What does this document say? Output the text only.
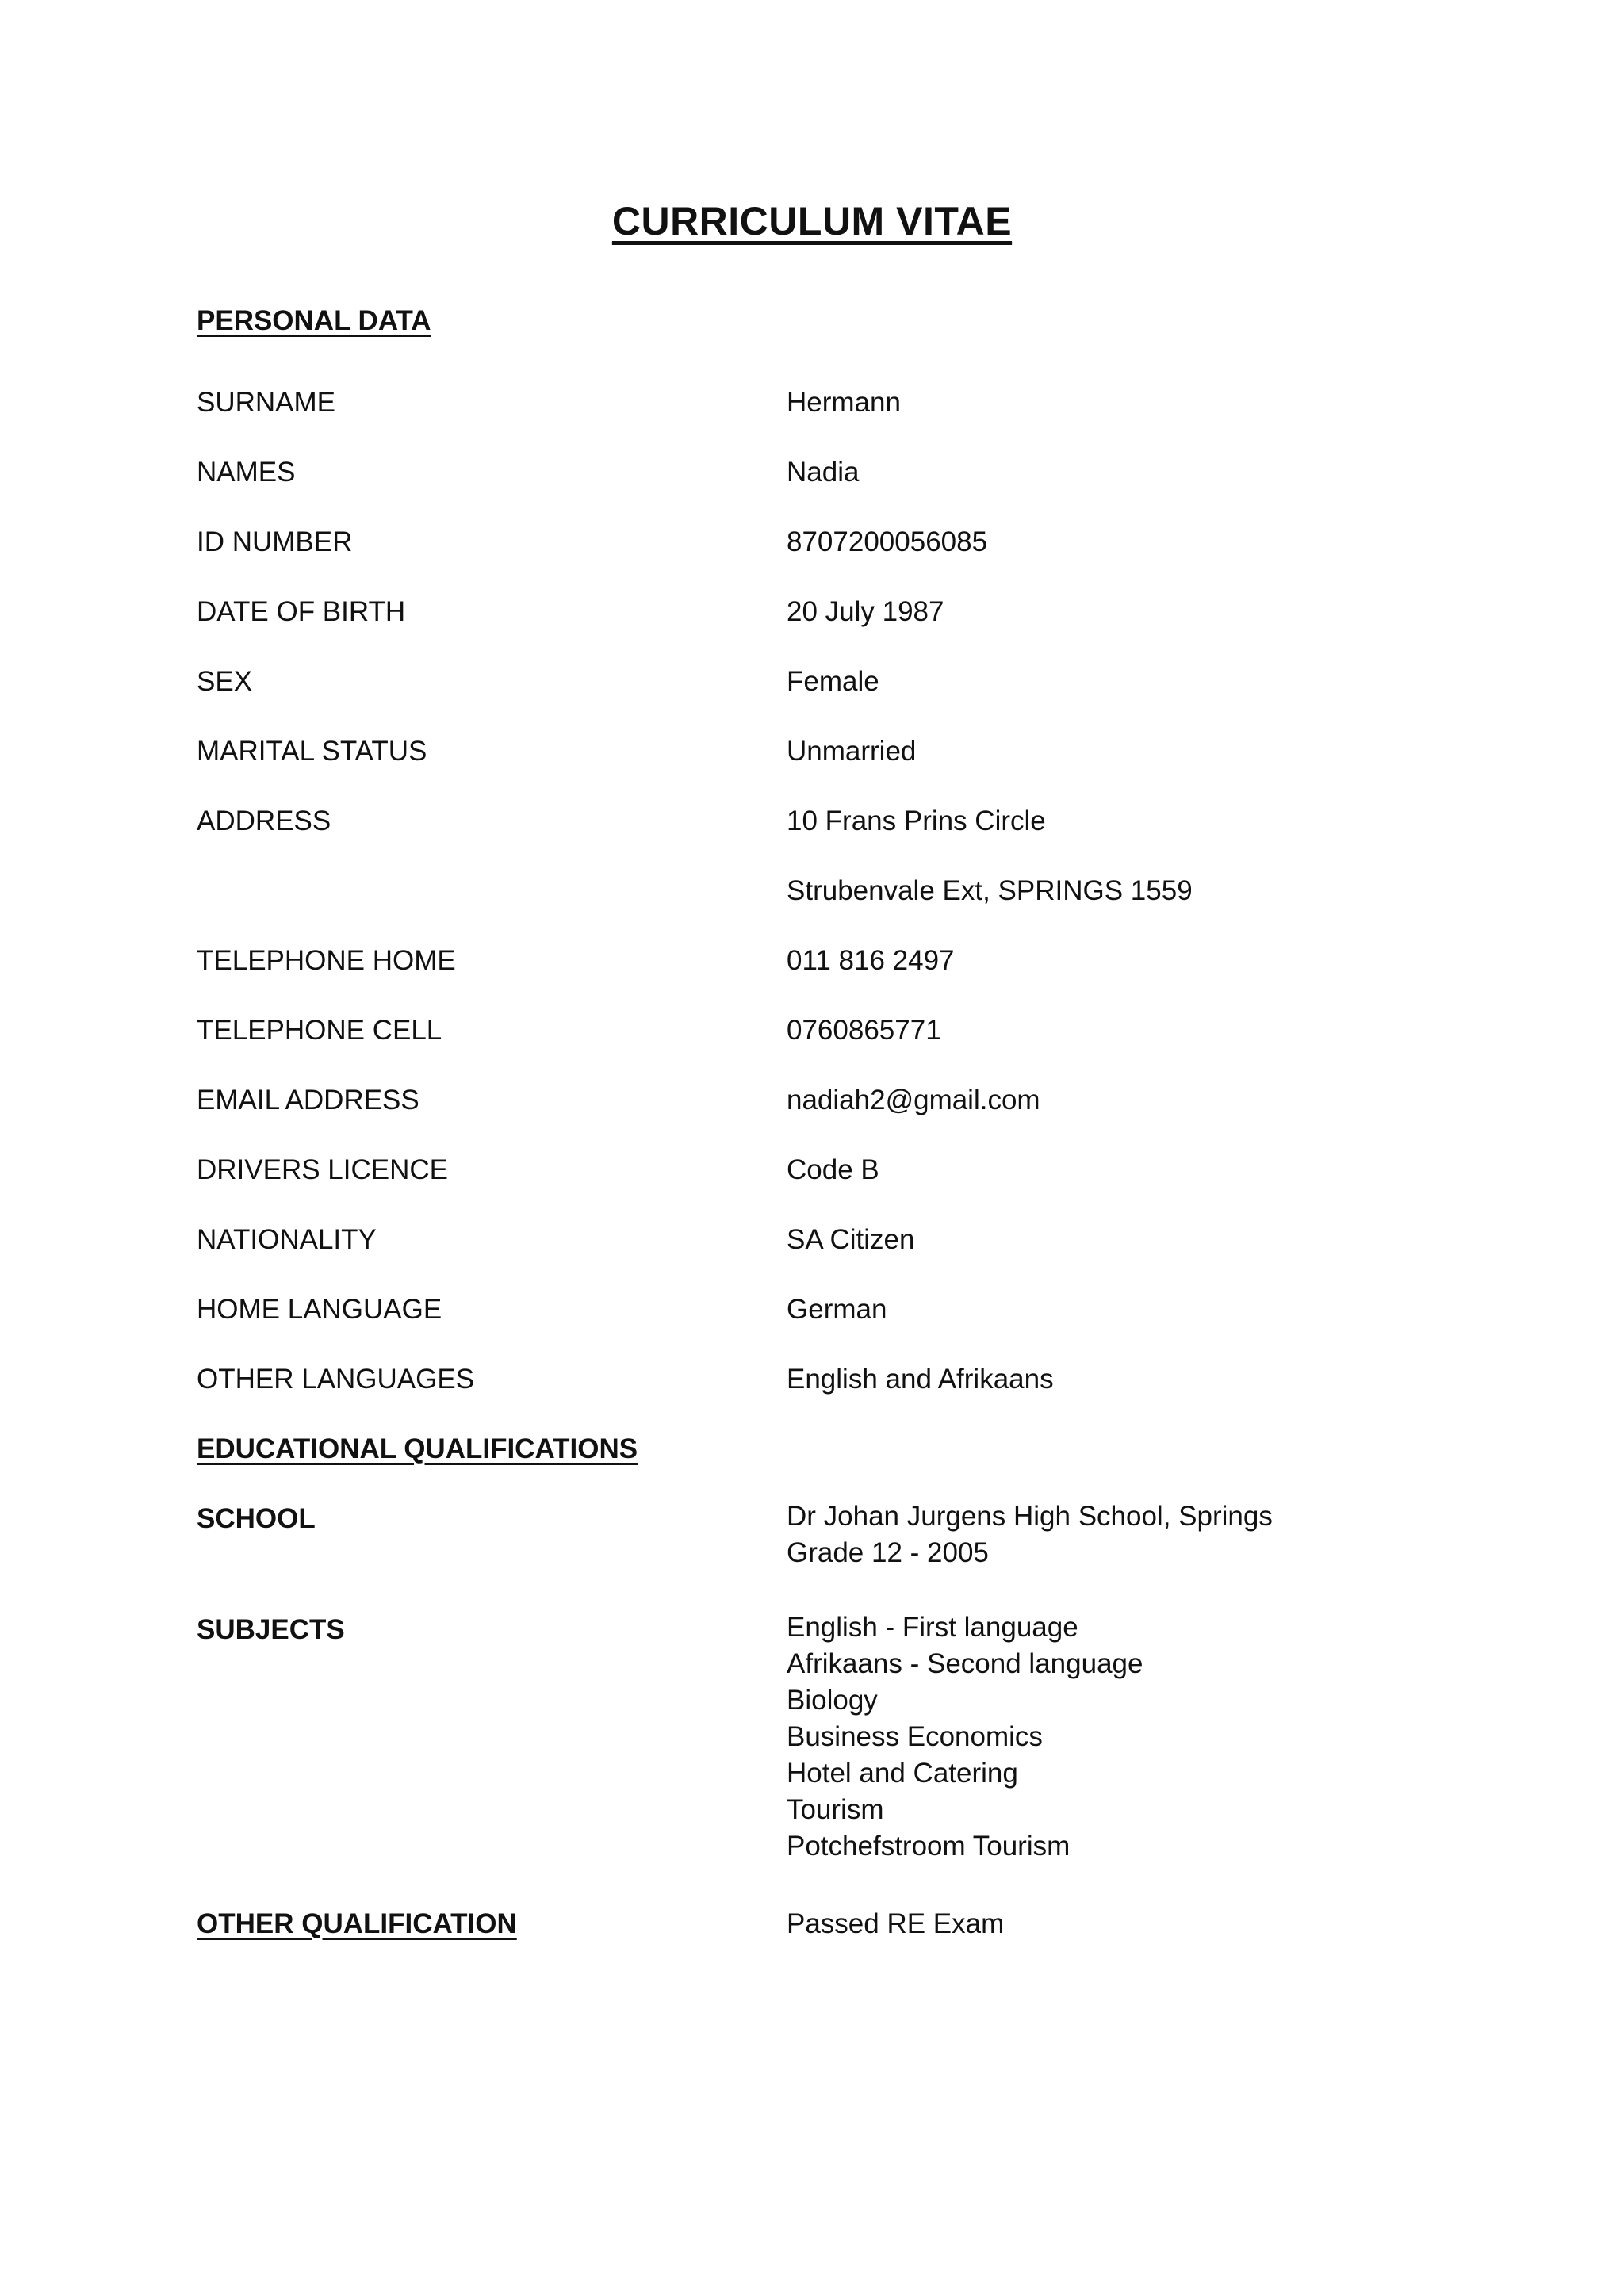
CURRICULUM VITAE
PERSONAL DATA
SURNAME	Hermann
NAMES	Nadia
ID NUMBER	8707200056085
DATE OF BIRTH	20 July 1987
SEX	Female
MARITAL STATUS	Unmarried
ADDRESS	10 Frans Prins Circle
Strubenvale Ext, SPRINGS 1559
TELEPHONE HOME	011 816 2497
TELEPHONE CELL	0760865771
EMAIL ADDRESS	nadiah2@gmail.com
DRIVERS LICENCE	Code B
NATIONALITY	SA Citizen
HOME LANGUAGE	German
OTHER LANGUAGES	English and Afrikaans
EDUCATIONAL QUALIFICATIONS
SCHOOL	Dr Johan Jurgens High School, Springs
Grade 12 - 2005
SUBJECTS	English - First language
Afrikaans - Second language
Biology
Business Economics
Hotel and Catering
Tourism
Potchefstroom Tourism
OTHER QUALIFICATION	Passed RE Exam
